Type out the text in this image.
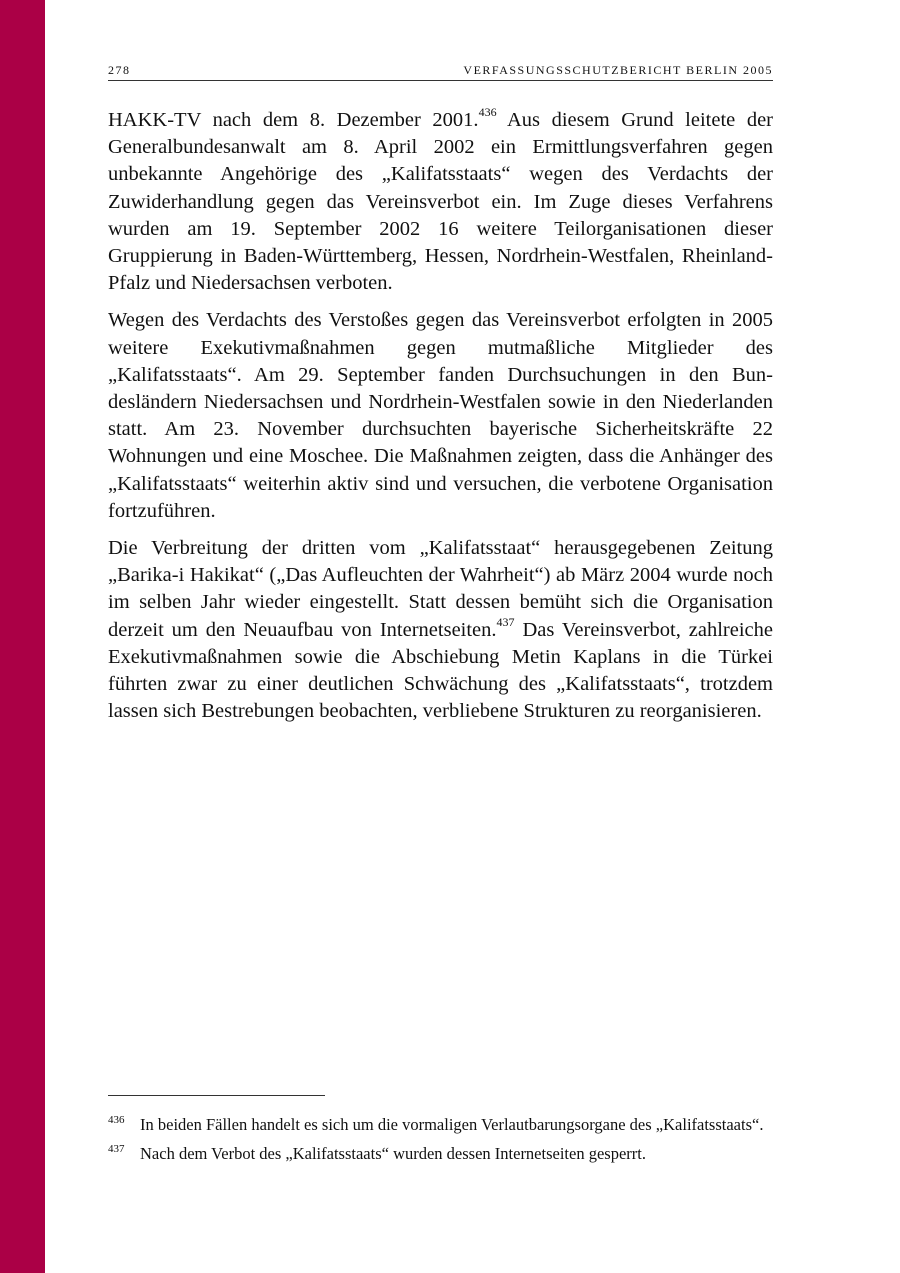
278	VERFASSUNGSSCHUTZBERICHT BERLIN 2005

HAKK-TV nach dem 8. Dezember 2001.$^{436}$ Aus diesem Grund leitete der Generalbundesanwalt am 8. April 2002 ein Ermittlungsverfahren gegen unbekannte Angehörige des „Kalifatsstaats“ wegen des Verdachts der Zuwiderhandlung gegen das Vereinsverbot ein. Im Zuge dieses Verfahrens wurden am 19. September 2002 16 weitere Teilorganisationen dieser Gruppierung in Baden-Württemberg, Hessen, Nordrhein-Westfalen, Rheinland-Pfalz und Niedersachsen verboten.

Wegen des Verdachts des Verstoßes gegen das Vereinsverbot erfolgten in 2005 weitere Exekutivmaßnahmen gegen mutmaßliche Mitglieder des „Kalifatsstaats“. Am 29. September fanden Durchsuchungen in den Bundesländern Niedersachsen und Nordrhein-Westfalen sowie in den Niederlanden statt. Am 23. November durchsuchten bayerische Sicherheitskräfte 22 Wohnungen und eine Moschee. Die Maßnahmen zeigten, dass die Anhänger des „Kalifatsstaats“ weiterhin aktiv sind und versuchen, die verbotene Organisation fortzuführen.

Die Verbreitung der dritten vom „Kalifatsstaat“ herausgegebenen Zeitung „Barika-i Hakikat“ („Das Aufleuchten der Wahrheit“) ab März 2004 wurde noch im selben Jahr wieder eingestellt. Statt dessen bemüht sich die Organisation derzeit um den Neuaufbau von Internetseiten.$^{437}$ Das Vereinsverbot, zahlreiche Exekutivmaßnahmen sowie die Abschiebung Metin Kaplans in die Türkei führten zwar zu einer deutlichen Schwächung des „Kalifatsstaats“, trotzdem lassen sich Bestrebungen beobachten, verbliebene Strukturen zu reorganisieren.

436 In beiden Fällen handelt es sich um die vormaligen Verlautbarungsorgane des „Kalifatsstaats“.
437 Nach dem Verbot des „Kalifatsstaats“ wurden dessen Internetseiten gesperrt.
